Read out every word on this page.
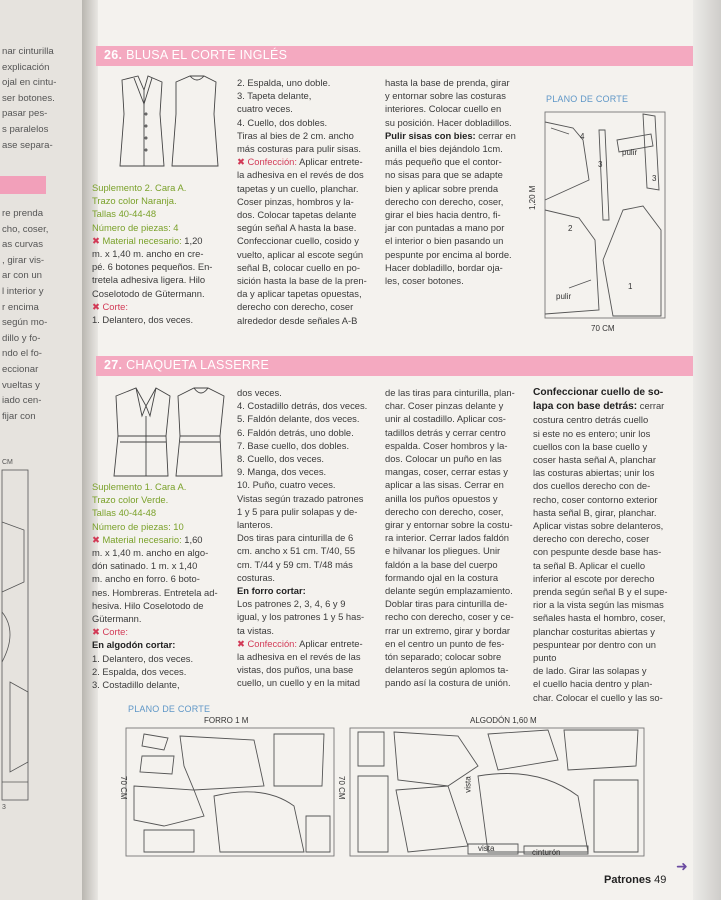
nar cinturilla
explicación
ojal en cintu-
ser botones.
pasar pes-
s paralelos
ase separa-
re prenda
cho, coser,
as curvas
, girar vis-
ar con un
l interior y
r encima
según mo-
dillo y fo-
ndo el fo-
eccionar
vueltas y
iado cen-
fijar con
CM
3
26. BLUSA EL CORTE INGLÉS

Suplemento 2. Cara A.

Trazo color Naranja.

Tallas 40-44-48

Número de piezas: 4

✖ Material necesario: 1,20

m. x 1,40 m. ancho en cre-

pé. 6 botones pequeños. En-

tretela adhesiva ligera. Hilo

Coselotodo de Gütermann.

✖ Corte:

1. Delantero, dos veces.

2. Espalda, uno doble.

3. Tapeta delante,

cuatro veces.

4. Cuello, dos dobles.

Tiras al bies de 2 cm. ancho

más costuras para pulir sisas.

✖ Confección: Aplicar entrete-

la adhesiva en el revés de dos

tapetas y un cuello, planchar.

Coser pinzas, hombros y la-

dos. Colocar tapetas delante

según señal A hasta la base.

Confeccionar cuello, cosido y

vuelto, aplicar al escote según

señal B, colocar cuello en po-

sición hasta la base de la pren-

da y aplicar tapetas opuestas,

derecho con derecho, coser

alrededor desde señales A-B

hasta la base de prenda, girar

y entornar sobre las costuras

interiores. Colocar cuello en

su posición. Hacer dobladillos.

Pulir sisas con bies: cerrar en

anilla el bies dejándolo 1cm.

más pequeño que el contor-

no sisas para que se adapte

bien y aplicar sobre prenda

derecho con derecho, coser,

girar el bies hacia dentro, fi-

jar con puntadas a mano por

el interior o bien pasando un

pespunte por encima al borde.

Hacer dobladillo, bordar oja-

les, coser botones.

PLANO DE CORTE
4
3
3
pulir
2
1
pulir
70 CM
1,20 M
27. CHAQUETA LASSERRE

Suplemento 1. Cara A.

Trazo color Verde.

Tallas 40-44-48

Número de piezas: 10

✖ Material necesario: 1,60

m. x 1,40 m. ancho en algo-

dón satinado. 1 m. x 1,40

m. ancho en forro. 6 boto-

nes. Hombreras. Entretela ad-

hesiva. Hilo Coselotodo de

Gütermann.

✖ Corte:

En algodón cortar:

1. Delantero, dos veces.

2. Espalda, dos veces.

3. Costadillo delante,

dos veces.

4. Costadillo detrás, dos veces.

5. Faldón delante, dos veces.

6. Faldón detrás, uno doble.

7. Base cuello, dos dobles.

8. Cuello, dos veces.

9. Manga, dos veces.

10. Puño, cuatro veces.

Vistas según trazado patrones

1 y 5 para pulir solapas y de-

lanteros.

Dos tiras para cinturilla de 6

cm. ancho x 51 cm. T/40, 55

cm. T/44 y 59 cm. T/48 más

costuras.

En forro cortar:

Los patrones 2, 3, 4, 6 y 9

igual, y los patrones 1 y 5 has-

ta vistas.

✖ Confección: Aplicar entrete-

la adhesiva en el revés de las

vistas, dos puños, una base

cuello, un cuello y en la mitad

de las tiras para cinturilla, plan-

char. Coser pinzas delante y

unir al costadillo. Aplicar cos-

tadillos detrás y cerrar centro

espalda. Coser hombros y la-

dos. Colocar un puño en las

mangas, coser, cerrar estas y

aplicar a las sisas. Cerrar en

anilla los puños opuestos y

derecho con derecho, coser,

girar y entornar sobre la costu-

ra interior. Cerrar lados faldón

e hilvanar los pliegues. Unir

faldón a la base del cuerpo

formando ojal en la costura

delante según emplazamiento.

Doblar tiras para cinturilla de-

recho con derecho, coser y ce-

rrar un extremo, girar y bordar

en el centro un punto de fes-

tón separado; colocar sobre

delanteros según aplomos ta-

pando así la costura de unión.

Confeccionar cuello de so-

lapa con base detrás: cerrar

costura centro detrás cuello

si este no es entero; unir los

cuellos con la base cuello y

coser hasta señal A, planchar

las costuras abiertas; unir los

dos cuellos derecho con de-

recho, coser contorno exterior

hasta señal B, girar, planchar.

Aplicar vistas sobre delanteros,

derecho con derecho, coser

con pespunte desde base has-

ta señal B. Aplicar el cuello

inferior al escote por derecho

prenda según señal B y el supe-

rior a la vista según las mismas

señales hasta el hombro, coser,

planchar costuritas abiertas y

pespuntear por dentro con un punto

de lado. Girar las solapas y

el cuello hacia dentro y plan-

char. Colocar el cuello y las so-

PLANO DE CORTE
FORRO 1 M	ALGODÓN 1,60 M
70 CM	70 CM	vista
vista	cinturón
➜
Patrones 49
